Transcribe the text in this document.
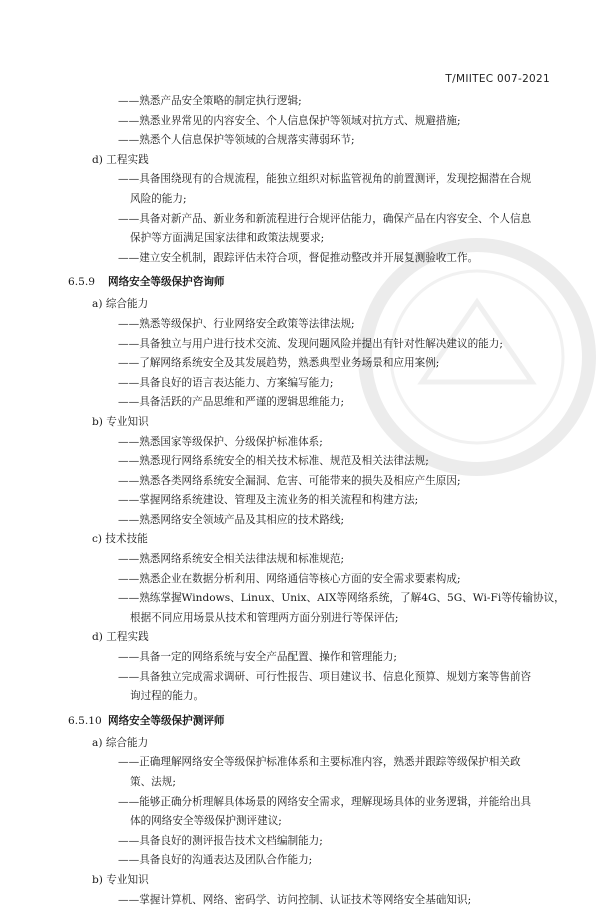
T/MIITEC 007-2021
——熟悉产品安全策略的制定执行逻辑;
——熟悉业界常见的内容安全、个人信息保护等领域对抗方式、规避措施;
——熟悉个人信息保护等领域的合规落实薄弱环节;
d) 工程实践
——具备围绕现有的合规流程，能独立组织对标监管视角的前置测评，发现挖掘潜在合规
风险的能力;
——具备对新产品、新业务和新流程进行合规评估能力，确保产品在内容安全、个人信息
保护等方面满足国家法律和政策法规要求;
——建立安全机制，跟踪评估未符合项，督促推动整改并开展复测验收工作。
6.5.9 网络安全等级保护咨询师
a) 综合能力
——熟悉等级保护、行业网络安全政策等法律法规;
——具备独立与用户进行技术交流、发现问题风险并提出有针对性解决建议的能力;
——了解网络系统安全及其发展趋势，熟悉典型业务场景和应用案例;
——具备良好的语言表达能力、方案编写能力;
——具备活跃的产品思维和严谨的逻辑思维能力;
b) 专业知识
——熟悉国家等级保护、分级保护标准体系;
——熟悉现行网络系统安全的相关技术标准、规范及相关法律法规;
——熟悉各类网络系统安全漏洞、危害、可能带来的损失及相应产生原因;
——掌握网络系统建设、管理及主流业务的相关流程和构建方法;
——熟悉网络安全领域产品及其相应的技术路线;
c) 技术技能
——熟悉网络系统安全相关法律法规和标准规范;
——熟悉企业在数据分析利用、网络通信等核心方面的安全需求要素构成;
——熟练掌握Windows、Linux、Unix、AIX等网络系统，了解4G、5G、Wi-Fi等传输协议，
根据不同应用场景从技术和管理两方面分别进行等保评估;
d) 工程实践
——具备一定的网络系统与安全产品配置、操作和管理能力;
——具备独立完成需求调研、可行性报告、项目建议书、信息化预算、规划方案等售前咨
询过程的能力。
6.5.10 网络安全等级保护测评师
a) 综合能力
——正确理解网络安全等级保护标准体系和主要标准内容，熟悉并跟踪等级保护相关政
策、法规;
——能够正确分析理解具体场景的网络安全需求，理解现场具体的业务逻辑，并能给出具
体的网络安全等级保护测评建议;
——具备良好的测评报告技术文档编制能力;
——具备良好的沟通表达及团队合作能力;
b) 专业知识
——掌握计算机、网络、密码学、访问控制、认证技术等网络安全基础知识;
